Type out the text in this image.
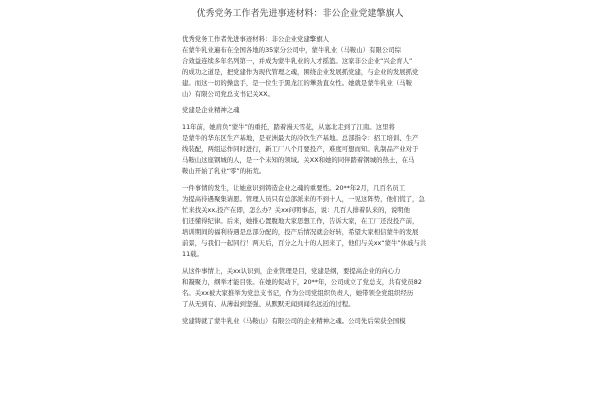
优秀党务工作者先进事迹材料：非公企业党建擎旗人
优秀党务工作者先进事迹材料：非公企业党建擎旗人
在蒙牛乳业遍布在全国各地的35家分公司中，蒙牛乳业（马鞍山）有限公司综
合效益连续多年名列第一，并成为蒙牛乳业的人才摇篮。这家非公企业“兴企育人”
的成功之道是，把党建作为现代管理之魂，围绕企业发展抓党建，与企业的发展抓党
建。而这一切的操盘手，是一位生于黑龙江的犟劲直女性。她就是蒙牛乳业（马鞍
山）有限公司党总支书记关XX。
党建是企业精神之魂
11年前，她肩负“蒙牛”的重托，踏着漫天雪花，从塞北走到了江南。这里将
是蒙牛的华东区生产基地，是亚洲最大的冷饮生产基地。总部指令：招工培训、生产
线装配，两组运作同时进行，新工厂八个月要投产，难度可想而知。乳制品产业对于
马鞍山这座钢城的人，是一个未知的领域。关XX和她的同伴踏着钢城的热土，在马
鞍山开始了乳业“零”的拓荒。
一件事情的发生，让她意识到铸造企业之魂的重要性。20**年2月，几百名员工
为提高待遇聚集请愿。管理人员只有总部派来的不到十人，一见这阵势，他们慌了，急
忙来找关xx,投产在即，怎么办？关xx问明事态，说：几百人排着队来的，说明他
们还懂得纪律。后来，她推心置腹地大家思想工作，告诉大家，在工厂还没投产前，
培训期间的福利待遇是总部分配的，投产后情况就会好转，希望大家相信蒙牛的发展
前景，与我们一起同行！两天后，百分之九十的人回来了，他们与关xx“蒙牛”休戚与共
11载。
从这件事情上，关xx认识到，企业管理是目，党建是纲，要提高企业的向心力
和凝聚力，纲举才能目张。在她的促动下，20**年，公司成立了党总支，共有党员82
名。关xx被大家推举为党总支书记，作为公司党组织负责人，她带领全党组织经历
了从无到有、从薄弱到坚强、从默默无闻到闻名远近的过程。
党建铸就了蒙牛乳业（马鞍山）有限公司的企业精神之魂。公司先后荣获全国模
